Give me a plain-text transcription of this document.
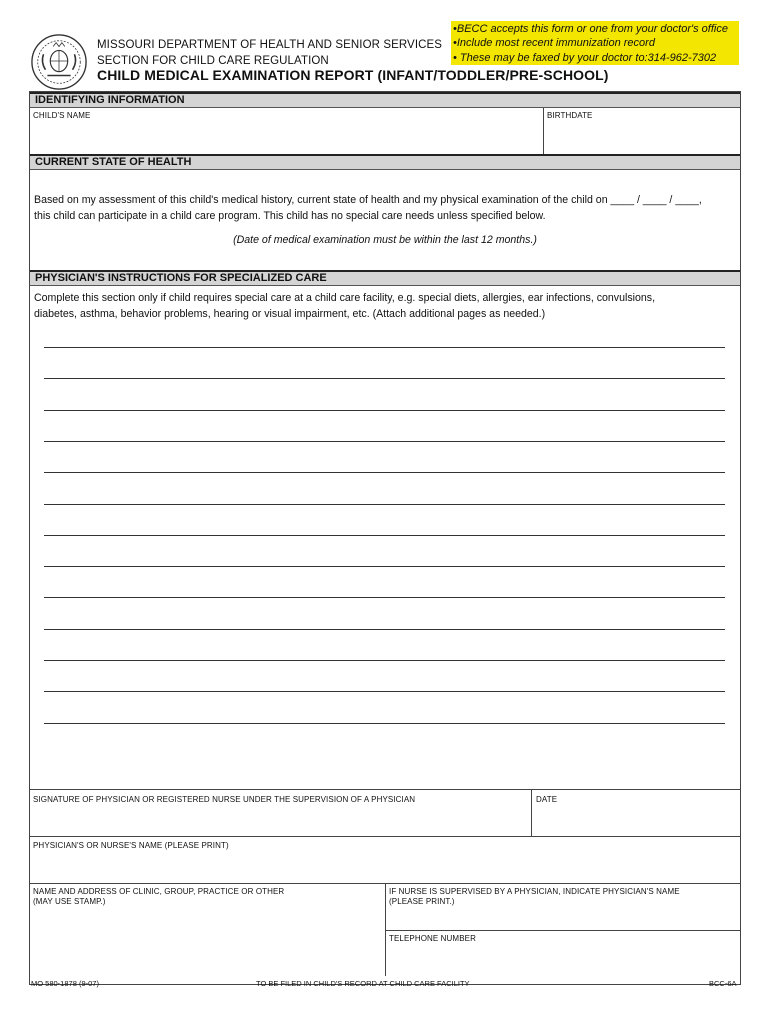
MISSOURI DEPARTMENT OF HEALTH AND SENIOR SERVICES
SECTION FOR CHILD CARE REGULATION
•BECC accepts this form or one from your doctor's office
•Include most recent immunization record
• These may be faxed by your doctor to:314-962-7302
CHILD MEDICAL EXAMINATION REPORT (INFANT/TODDLER/PRE-SCHOOL)
IDENTIFYING INFORMATION
CHILD'S NAME	BIRTHDATE
CURRENT STATE OF HEALTH
Based on my assessment of this child's medical history, current state of health and my physical examination of the child on ____ / ____ / ____,
this child can participate in a child care program. This child has no special care needs unless specified below.
(Date of medical examination must be within the last 12 months.)
PHYSICIAN'S INSTRUCTIONS FOR SPECIALIZED CARE
Complete this section only if child requires special care at a child care facility, e.g. special diets, allergies, ear infections, convulsions,
diabetes, asthma, behavior problems, hearing or visual impairment, etc. (Attach additional pages as needed.)
SIGNATURE OF PHYSICIAN OR REGISTERED NURSE UNDER THE SUPERVISION OF A PHYSICIAN	DATE
PHYSICIAN'S OR NURSE'S NAME (PLEASE PRINT)
NAME AND ADDRESS OF CLINIC, GROUP, PRACTICE OR OTHER
(MAY USE STAMP.)
IF NURSE IS SUPERVISED BY A PHYSICIAN, INDICATE PHYSICIAN'S NAME
(PLEASE PRINT.)
TELEPHONE NUMBER
MO 580-1878 (9-07)	TO BE FILED IN CHILD'S RECORD AT CHILD CARE FACILITY	BCC-6A
